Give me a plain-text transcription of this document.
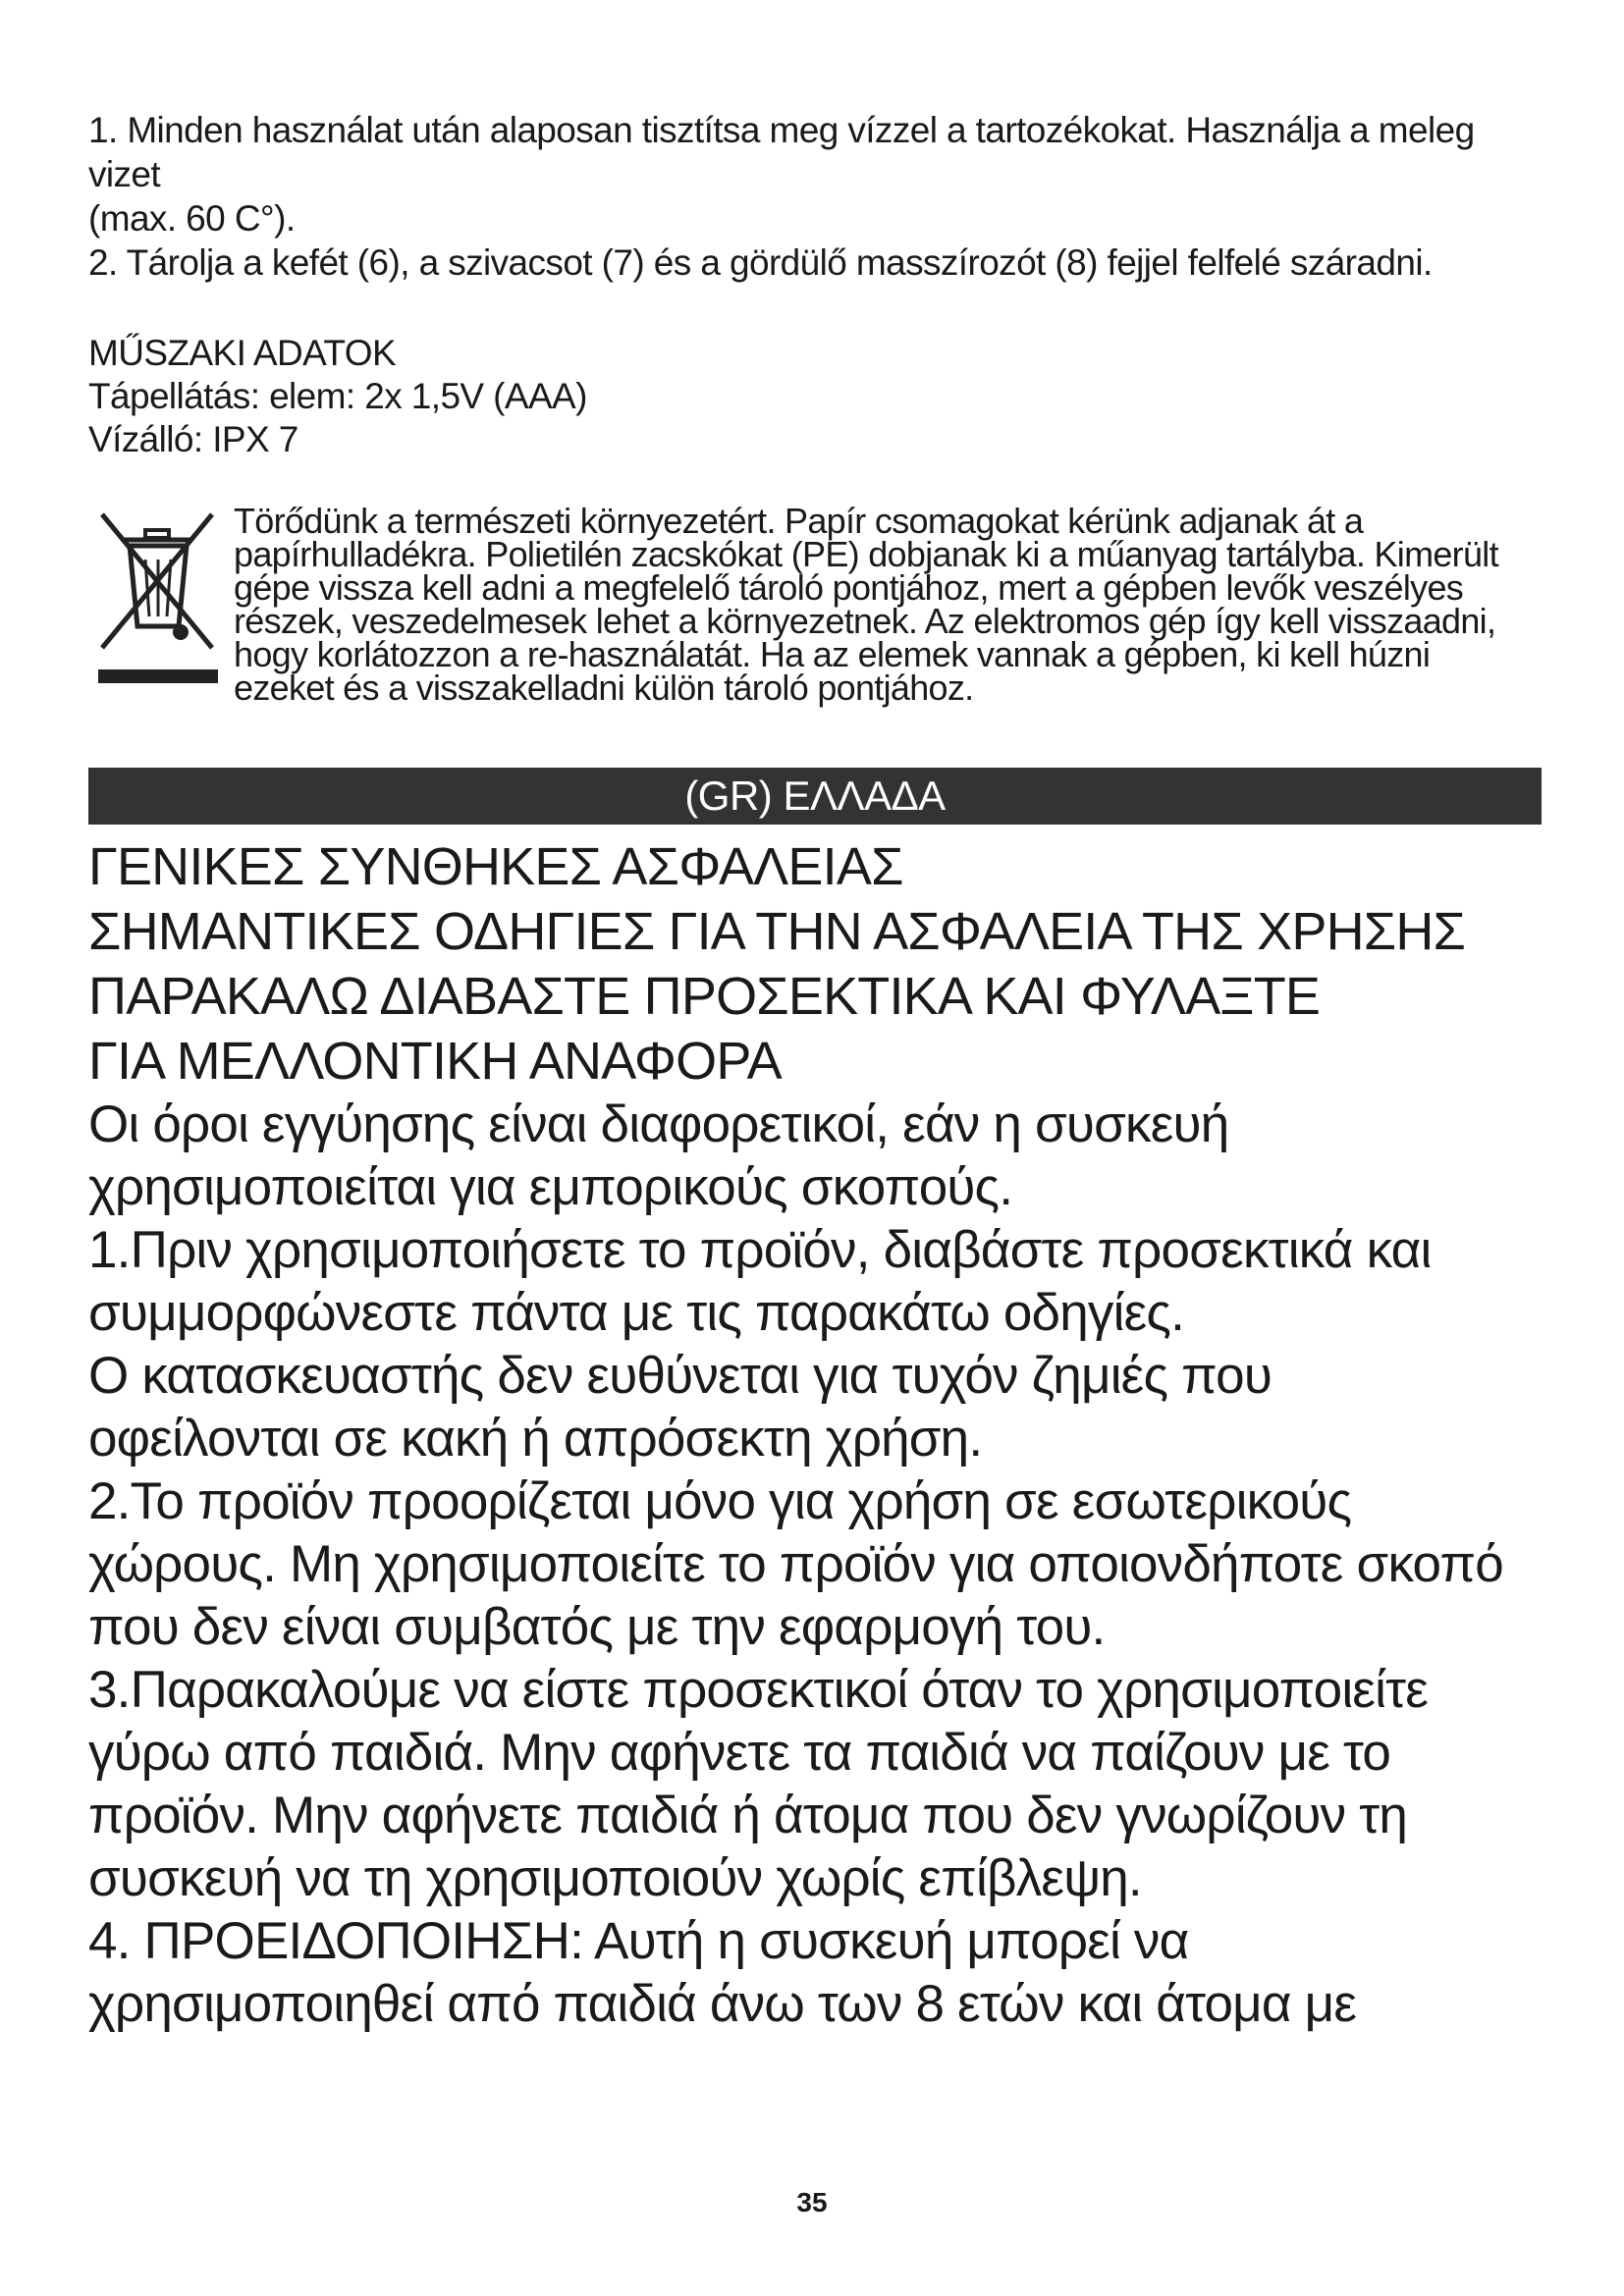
1. Minden használat után alaposan tisztítsa meg vízzel a tartozékokat. Használja a meleg vizet

(max. 60 C°).

2. Tárolja a kefét (6), a szivacsot (7) és a gördülő masszírozót (8) fejjel felfelé száradni.

MŰSZAKI ADATOK

Tápellátás: elem: 2x 1,5V (AAA)

Vízálló: IPX 7

Törődünk a természeti környezetért. Papír csomagokat kérünk adjanak át a

papírhulladékra. Polietilén zacskókat (PE) dobjanak ki a műanyag tartályba. Kimerült

gépe vissza kell adni a megfelelő tároló pontjához, mert a gépben levők veszélyes

részek, veszedelmesek lehet a környezetnek. Az elektromos gép így kell visszaadni,

hogy korlátozzon a re-használatát. Ha az elemek vannak a gépben, ki kell húzni

ezeket és a visszakelladni külön tároló pontjához.

(GR) ΕΛΛΑΔΑ

ΓΕΝΙΚΕΣ ΣΥΝΘΗΚΕΣ ΑΣΦΑΛΕΙΑΣ

ΣΗΜΑΝΤΙΚΕΣ ΟΔΗΓΙΕΣ ΓΙΑ ΤΗΝ ΑΣΦΑΛΕΙΑ ΤΗΣ ΧΡΗΣΗΣ

ΠΑΡΑΚΑΛΩ ΔΙΑΒΑΣΤΕ ΠΡΟΣΕΚΤΙΚΑ ΚΑΙ ΦΥΛΑΞΤΕ

ΓΙΑ ΜΕΛΛΟΝΤΙΚΗ ΑΝΑΦΟΡΑ

Οι όροι εγγύησης είναι διαφορετικοί, εάν η συσκευή

χρησιμοποιείται για εμπορικούς σκοπούς.

1.Πριν χρησιμοποιήσετε το προϊόν, διαβάστε προσεκτικά και

συμμορφώνεστε πάντα με τις παρακάτω οδηγίες.

Ο κατασκευαστής δεν ευθύνεται για τυχόν ζημιές που

οφείλονται σε κακή ή απρόσεκτη χρήση.

2.Το προϊόν προορίζεται μόνο για χρήση σε εσωτερικούς

χώρους. Μη χρησιμοποιείτε το προϊόν για οποιονδήποτε σκοπό

που δεν είναι συμβατός με την εφαρμογή του.

3.Παρακαλούμε να είστε προσεκτικοί όταν το χρησιμοποιείτε

γύρω από παιδιά. Μην αφήνετε τα παιδιά να παίζουν με το

προϊόν. Μην αφήνετε παιδιά ή άτομα που δεν γνωρίζουν τη

συσκευή να τη χρησιμοποιούν χωρίς επίβλεψη.

4. ΠΡΟΕΙΔΟΠΟΙΗΣΗ: Αυτή η συσκευή μπορεί να

χρησιμοποιηθεί από παιδιά άνω των 8 ετών και άτομα με

35
